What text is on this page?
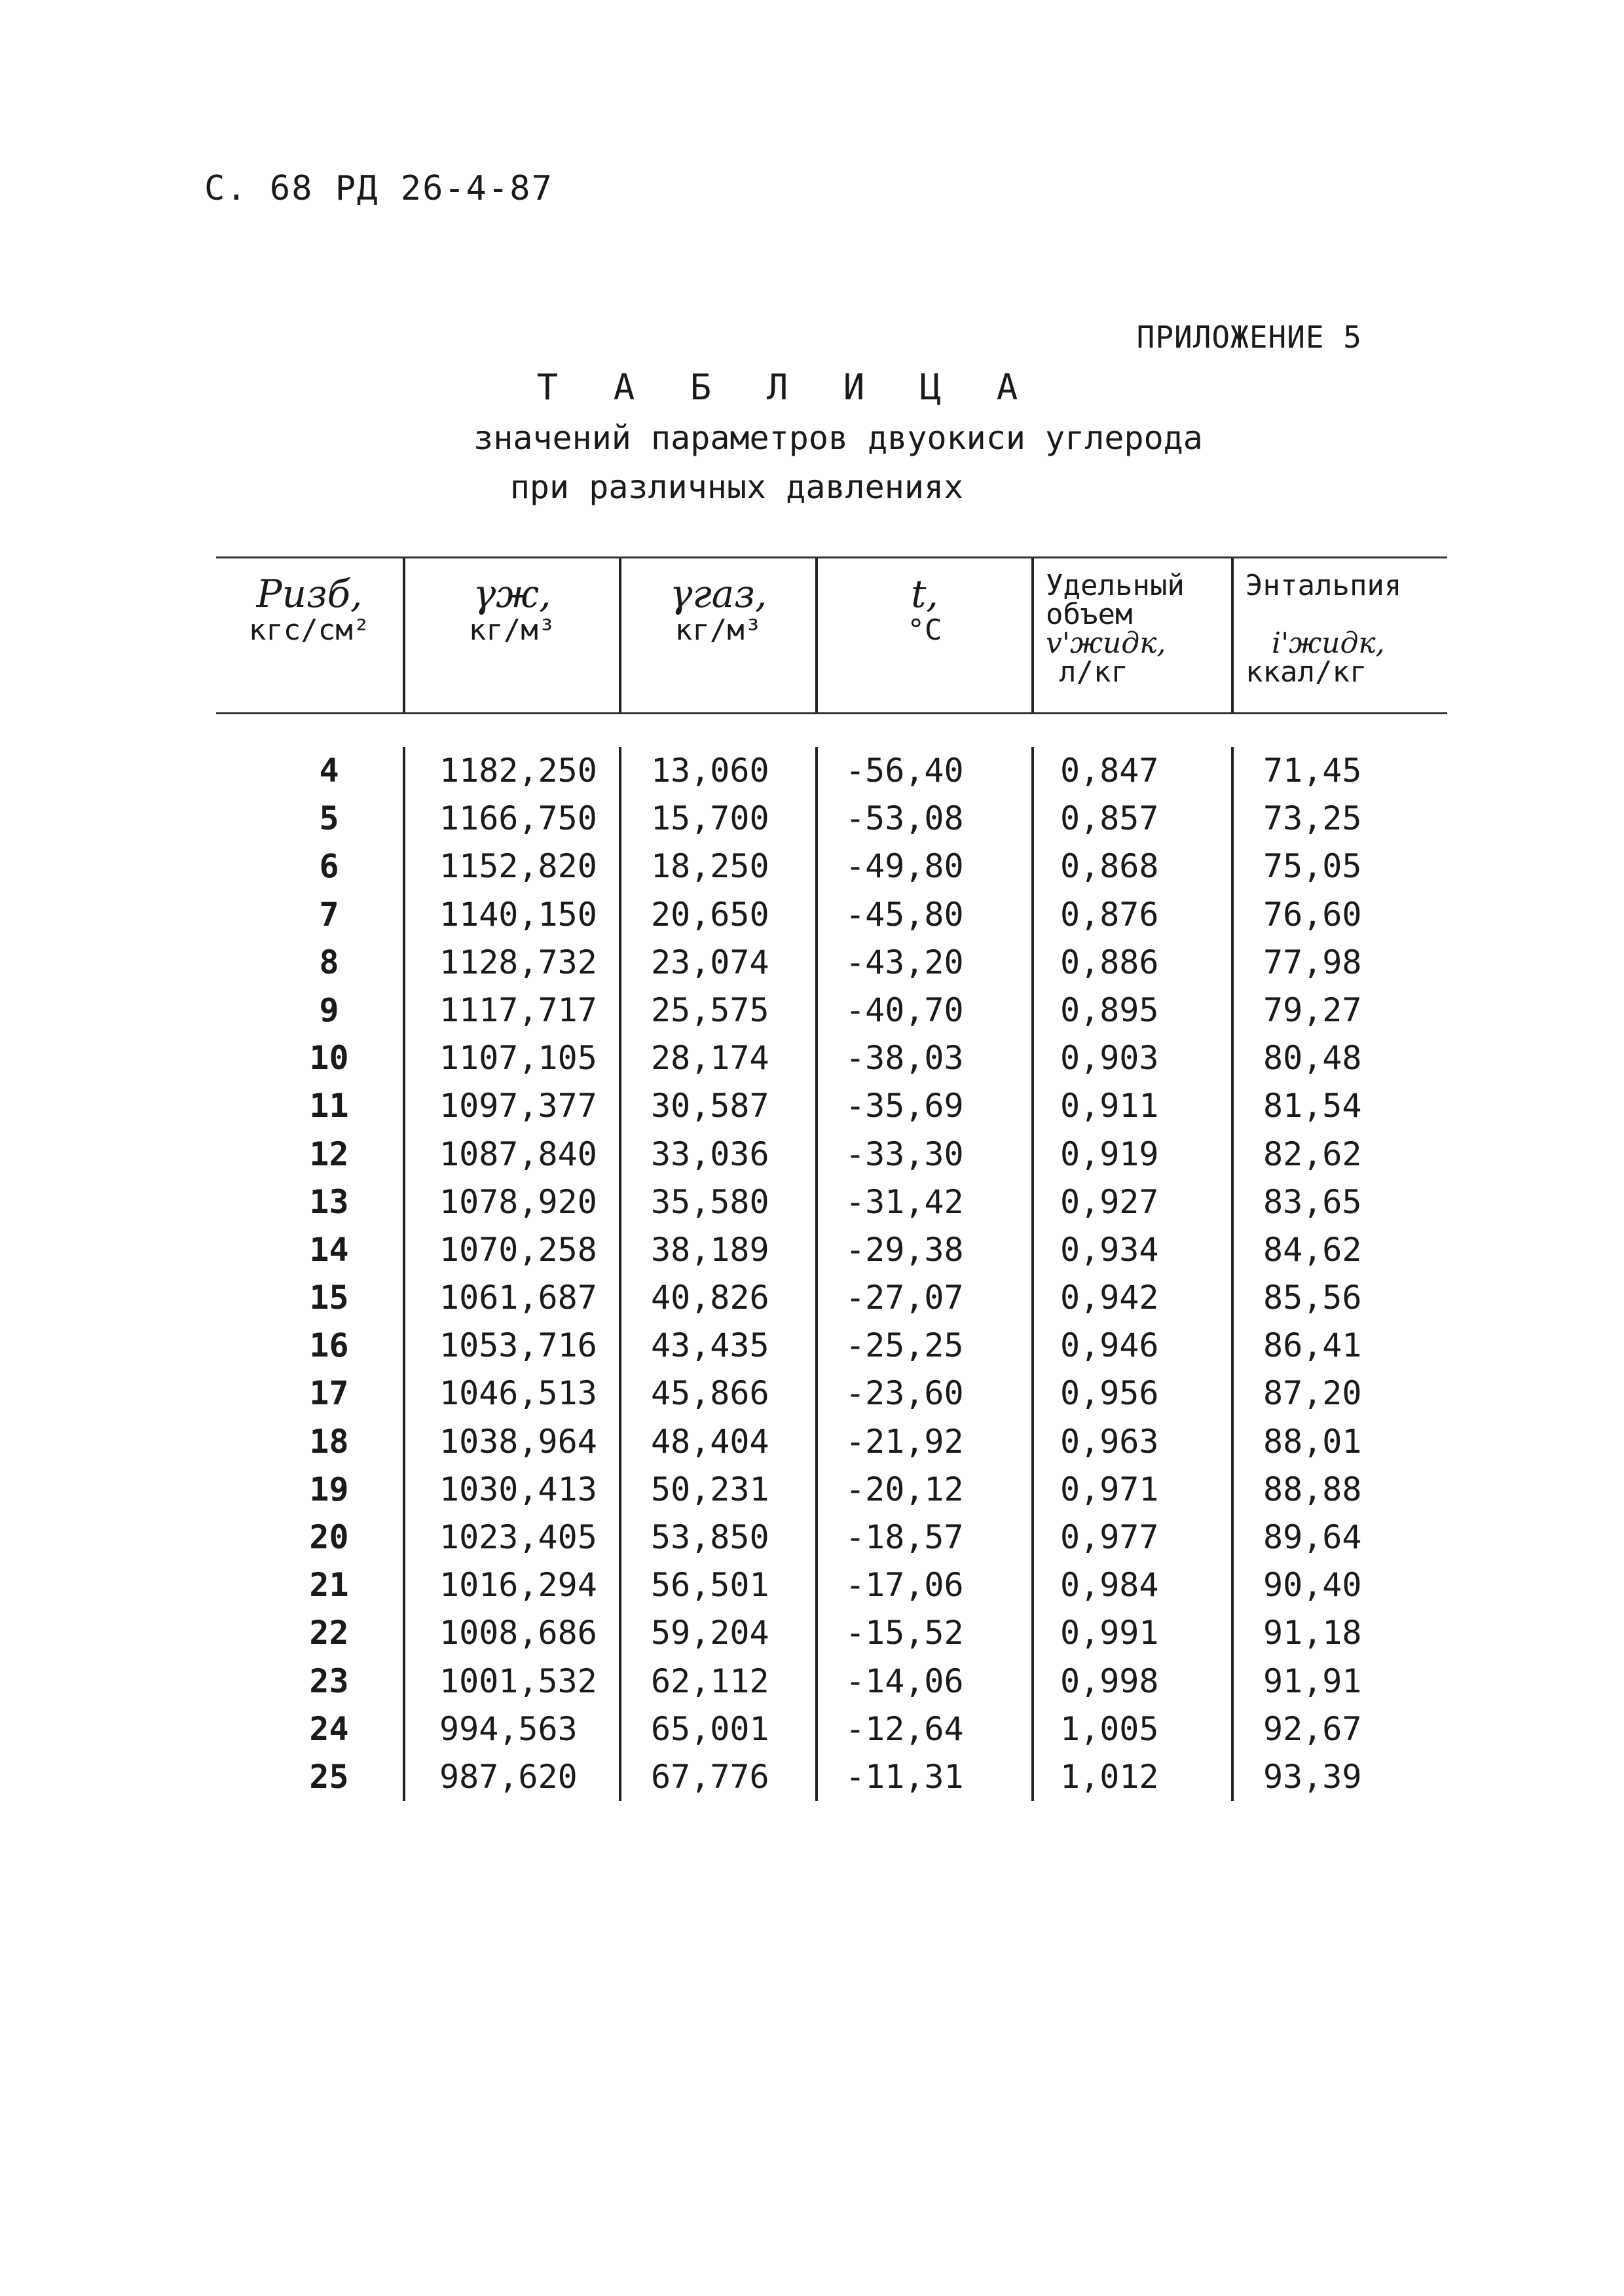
С. 68 РД 26-4-87
ПРИЛОЖЕНИЕ 5
Т А Б Л И Ц А
значений параметров двуокиси углерода
при различных давлениях
Pизб,
кгс/см²
γж,
кг/м³
γгаз,
кг/м³
t,
°C
Удельный
объем
v'жидк,
л/кг
Энтальпия
i'жидк,
ккал/кг
4
5
6
7
8
9
10
11
12
13
14
15
16
17
18
19
20
21
22
23
24
25
1182,250
1166,750
1152,820
1140,150
1128,732
1117,717
1107,105
1097,377
1087,840
1078,920
1070,258
1061,687
1053,716
1046,513
1038,964
1030,413
1023,405
1016,294
1008,686
1001,532
994,563
987,620
13,060
15,700
18,250
20,650
23,074
25,575
28,174
30,587
33,036
35,580
38,189
40,826
43,435
45,866
48,404
50,231
53,850
56,501
59,204
62,112
65,001
67,776
-56,40
-53,08
-49,80
-45,80
-43,20
-40,70
-38,03
-35,69
-33,30
-31,42
-29,38
-27,07
-25,25
-23,60
-21,92
-20,12
-18,57
-17,06
-15,52
-14,06
-12,64
-11,31
0,847
0,857
0,868
0,876
0,886
0,895
0,903
0,911
0,919
0,927
0,934
0,942
0,946
0,956
0,963
0,971
0,977
0,984
0,991
0,998
1,005
1,012
71,45
73,25
75,05
76,60
77,98
79,27
80,48
81,54
82,62
83,65
84,62
85,56
86,41
87,20
88,01
88,88
89,64
90,40
91,18
91,91
92,67
93,39
